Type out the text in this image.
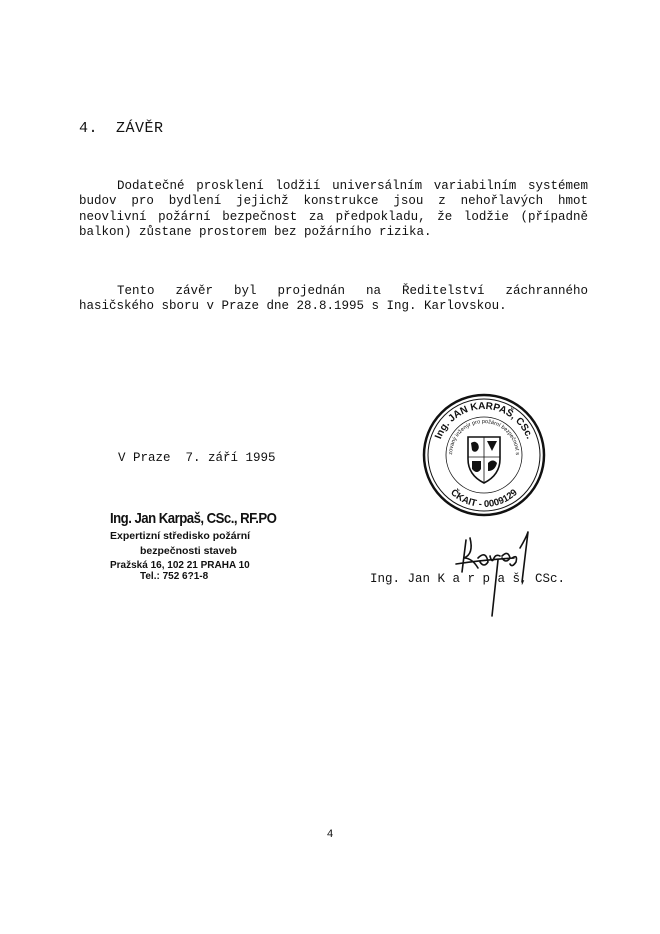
4. ZÁVĚR

Dodatečné prosklení lodžií universálním variabilním systémem budov pro bydlení jejichž konstrukce jsou z nehořlavých hmot neovlivní požární bezpečnost za předpokladu, že lodžie (případně balkon) zůstane prostorem bez požárního rizika.

Tento závěr byl projednán na Ředitelství záchranného hasičského sboru v Praze dne 28.8.1995 s Ing. Karlovskou.

V Praze  7. září 1995
Ing. Jan Karpaš, CSc., RF.PO
Expertizní středisko požární
bezpečnosti staveb
Pražská 16, 102 21 PRAHA 10
Tel.: 752 6?1-8
Ing. JAN KARPAŠ, CSc.
ČKAIT - 0009129
zovaný inženýr pro požární bezpečnost s
Ing. Jan K a r p a š, CSc.
4
